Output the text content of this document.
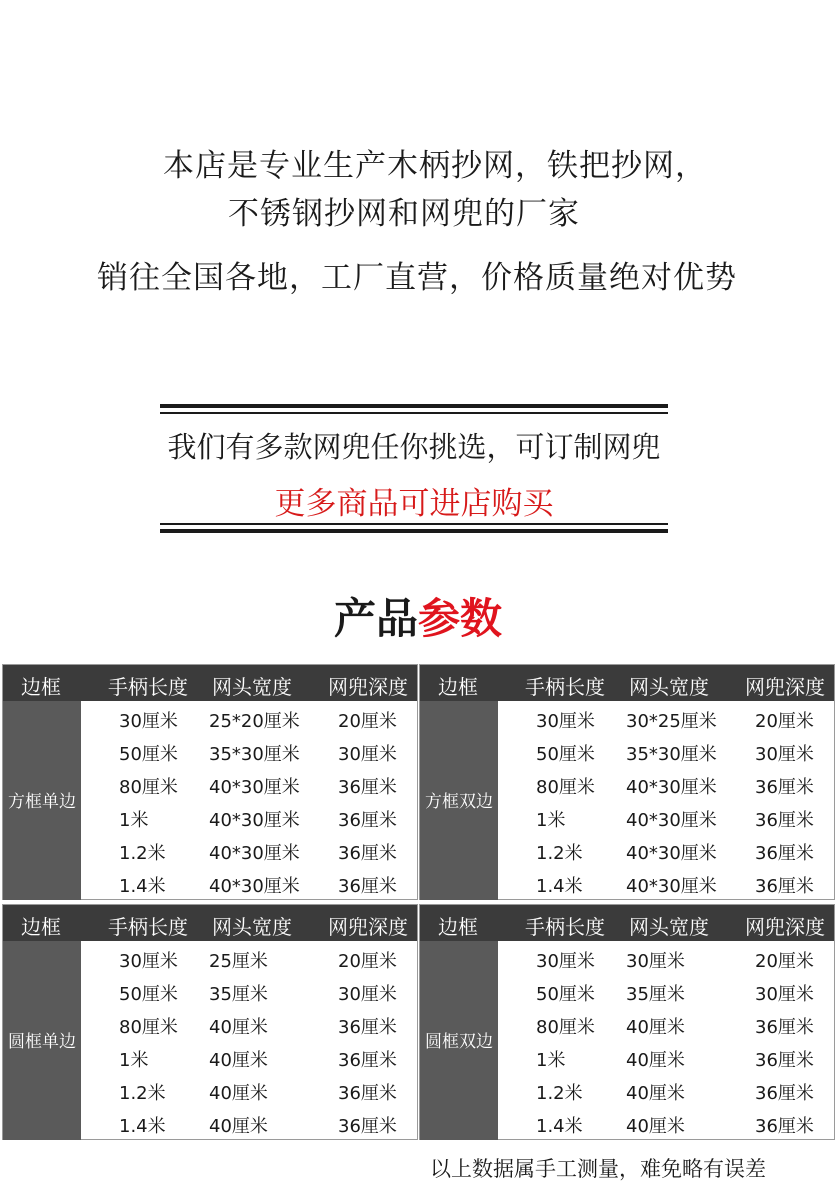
本店是专业生产木柄抄网，铁把抄网，
不锈钢抄网和网兜的厂家
销往全国各地，工厂直营，价格质量绝对优势
我们有多款网兜任你挑选，可订制网兜
更多商品可进店购买
产品参数
边框 手柄长度 网头宽度 网兜深度
方框单边
30厘米 25*20厘米 20厘米
50厘米 35*30厘米 30厘米
80厘米 40*30厘米 36厘米
1米	40*30厘米 36厘米
1.2米 40*30厘米 36厘米
1.4米 40*30厘米 36厘米
边框 手柄长度 网头宽度 网兜深度
方框双边
30厘米 30*25厘米 20厘米
50厘米 35*30厘米 30厘米
80厘米 40*30厘米 36厘米
1米	40*30厘米 36厘米
1.2米 40*30厘米 36厘米
1.4米 40*30厘米 36厘米
边框 手柄长度 网头宽度 网兜深度
圆框单边
30厘米 25厘米	20厘米
50厘米 35厘米	30厘米
80厘米 40厘米	36厘米
1米	40厘米	36厘米
1.2米 40厘米	36厘米
1.4米 40厘米	36厘米
边框 手柄长度 网头宽度 网兜深度
圆框双边
30厘米 30厘米	20厘米
50厘米 35厘米	30厘米
80厘米 40厘米	36厘米
1米	40厘米	36厘米
1.2米 40厘米	36厘米
1.4米 40厘米	36厘米
以上数据属手工测量，难免略有误差
